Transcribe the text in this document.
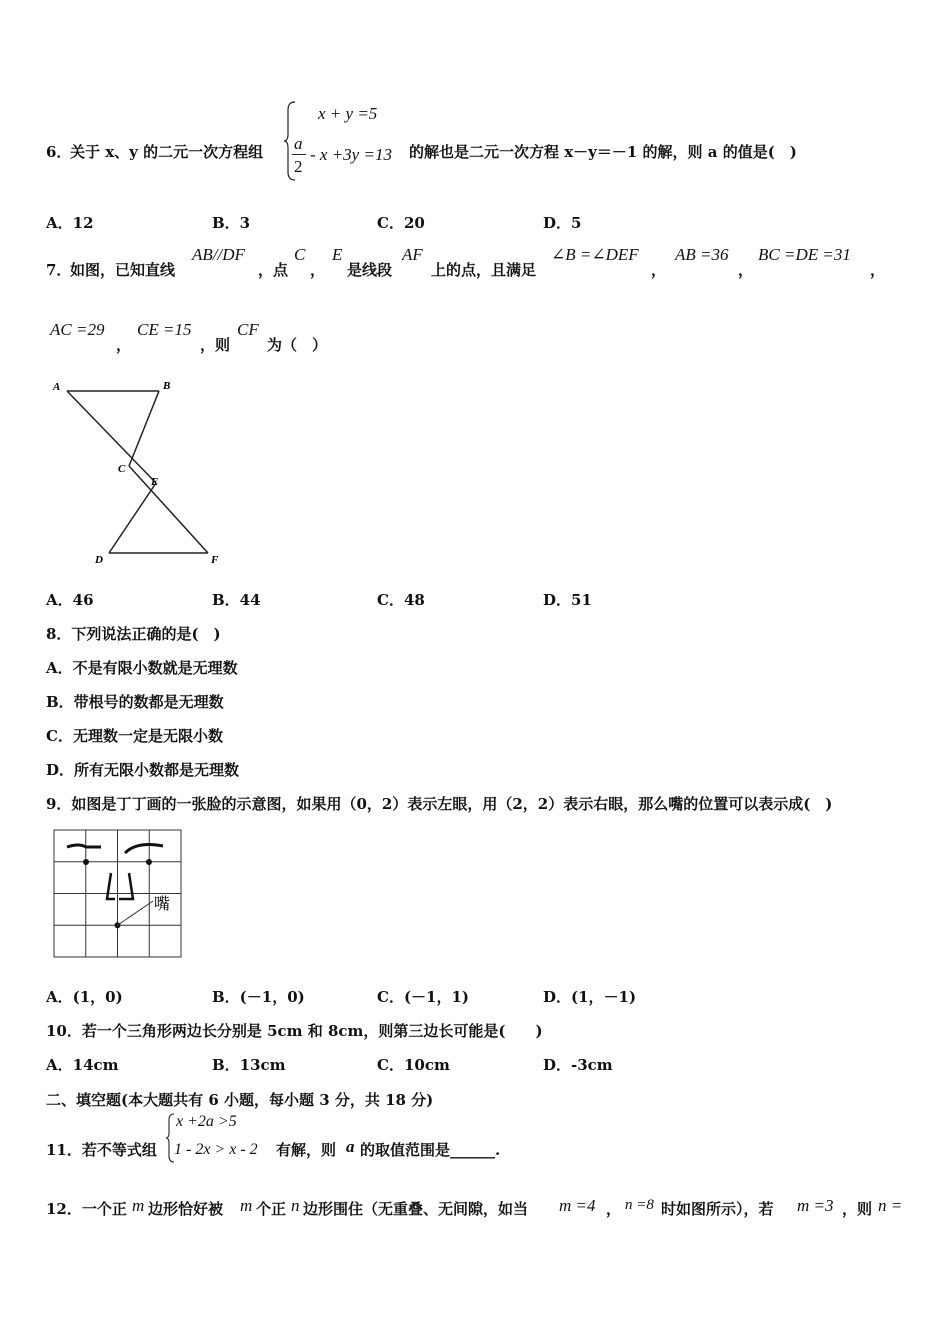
6．
关于 x、y 的二元一次方程组
x + y =5
a
2
- x +3y =13 的解也是二元一次方程 x－y＝－1 的解，则 a 的值是(　)
A．12	B．3	C．20	D．5
7．
如图，已知直线
AB//DF
，点
C
，
E
是线段
AF
上的点，且满足
∠B =∠DEF
，
AB =36
，
BC =DE =31
，
AC =29
，
CE =15
，则
CF
为（　）
A	B
C
E
D	F
A．46	B．44	C．48	D．51
8．下列说法正确的是(　)
A．不是有限小数就是无理数
B．带根号的数都是无理数
C．无理数一定是无限小数
D．所有无限小数都是无理数
9．如图是丁丁画的一张脸的示意图，如果用（0，2）表示左眼，用（2，2）表示右眼，那么嘴的位置可以表示成(　)
嘴
A．(1，0)	B．(－1，0)	C．(－1，1)	D．(1，－1)
10．若一个三角形两边长分别是 5cm 和 8cm，则第三边长可能是(　　)
A．14cm	B．13cm	C．10cm	D．-3cm
二、填空题(本大题共有 6 小题，每小题 3 分，共 18 分)
11．若不等式组
x +2a >5
1 - 2x > x - 2 有解，则 a 的取值范围是______.
12．一个正 m 边形恰好被 m 个正 n 边形围住（无重叠、无间隙，如当 m =4 ， n =8 时如图所示），若 m =3 ，则 n =
